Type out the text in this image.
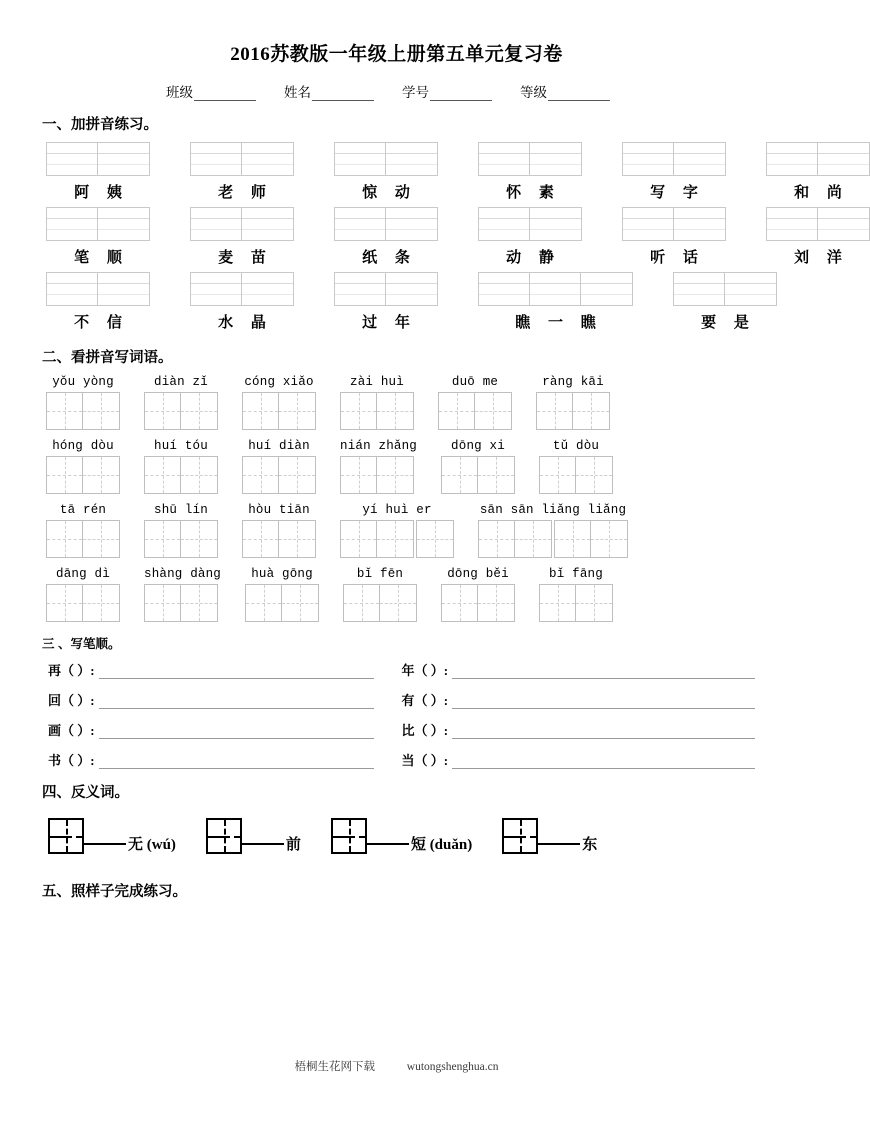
2016苏教版一年级上册第五单元复习卷
班级	姓名	学号	等级
一、加拼音练习。
阿 姨	老 师	惊 动	怀 素	写 字	和 尚
笔 顺	麦 苗	纸 条	动 静	听 话	刘 洋
不 信	水 晶	过 年	瞧 一 瞧	要 是
二、看拼音写词语。
yǒu yòng	diàn zǐ	cóng xiǎo	zài huì	duō me	ràng kāi
hóng dòu	huí tóu	huí diàn	nián zhǎng	dōng xi	tǔ dòu
tā rén	shū lín	hòu tiān	yí huì er	sān sān liǎng liǎng
dāng dì	shàng dàng	huà gōng	bǐ fēn	dōng běi	bǐ fāng
三 、写笔顺。
再（ ）:	年（ ）:
回（ ）:	有（ ）:
画（ ）:	比（ ）:
书（ ）:	当（ ）:
四、反义词。
无 (wú)	前	短 (duǎn)	东
五、照样子完成练习。
梧桐生花网下载	wutongshenghua.cn
